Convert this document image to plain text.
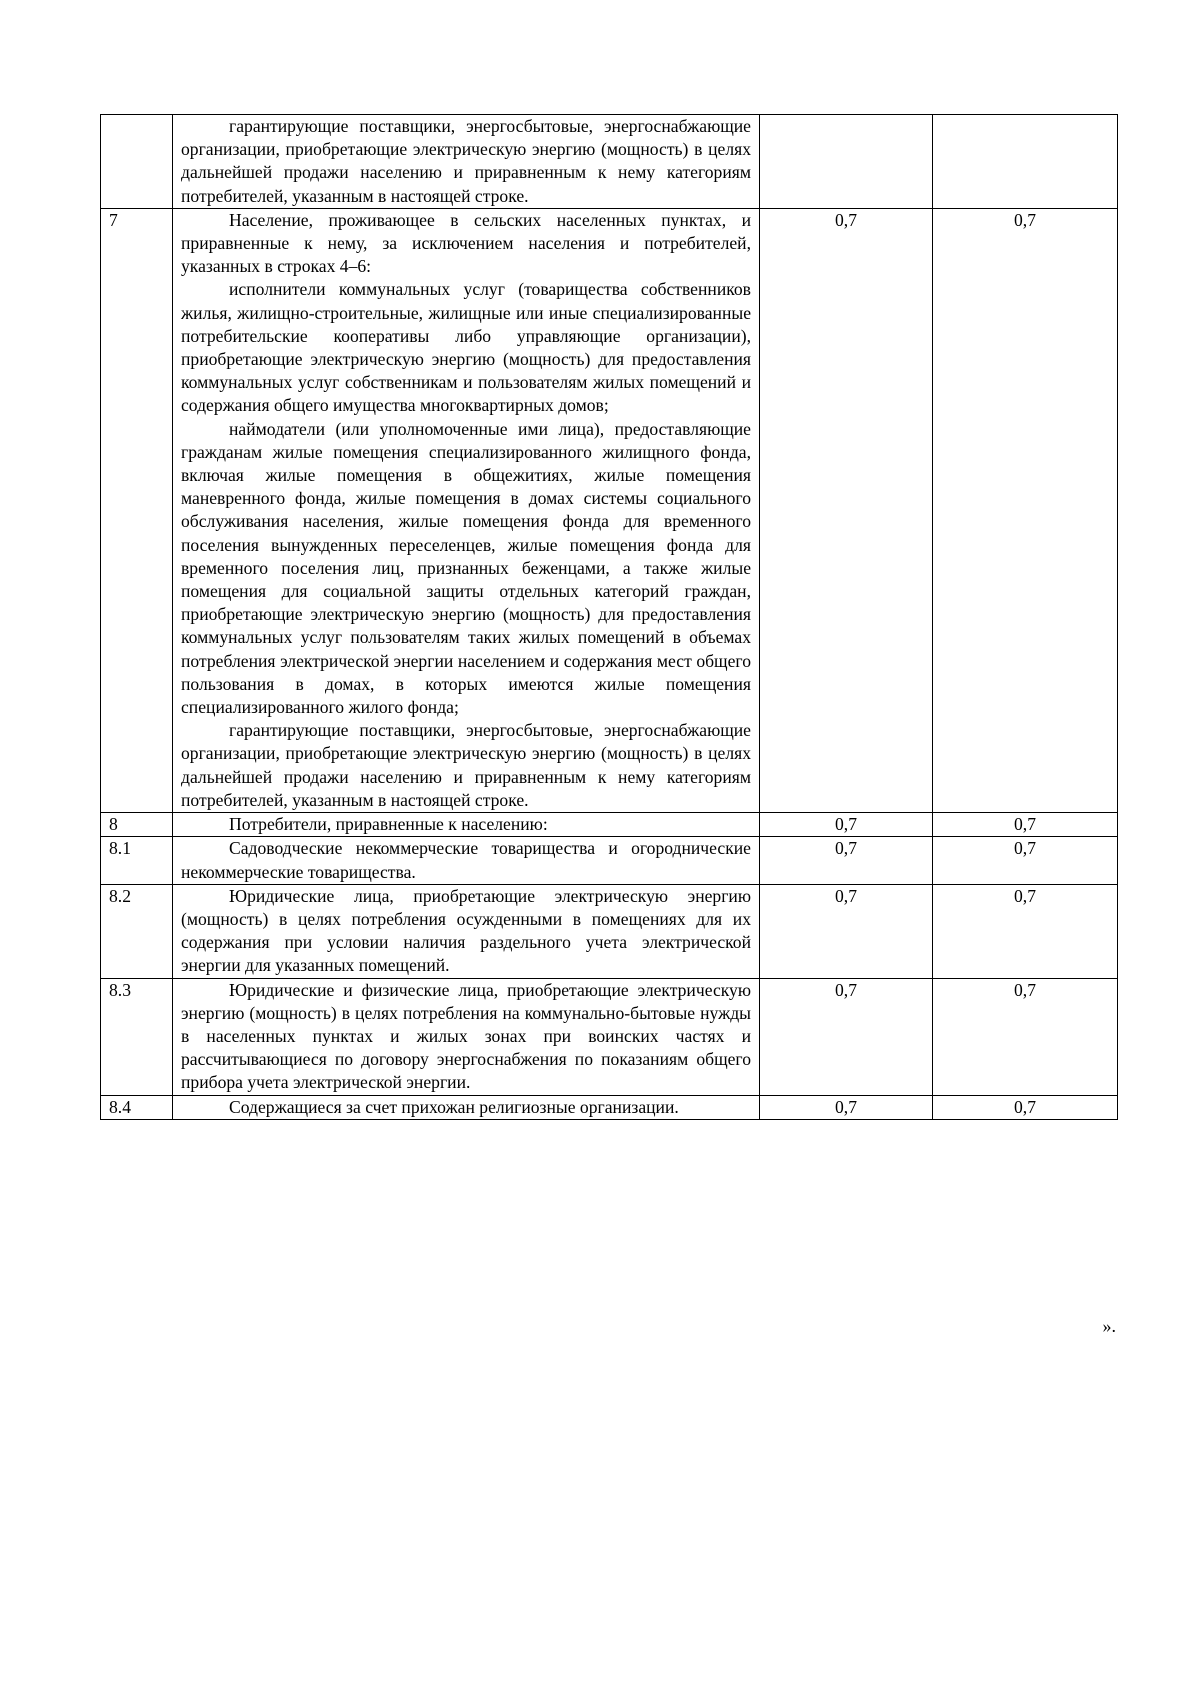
	гарантирующие поставщики, энергосбытовые, энергоснабжающие организации, приобретающие электрическую энергию (мощность) в целях дальнейшей продажи населению и приравненным к нему категориям потребителей, указанным в настоящей строке.		

7	Население, проживающее в сельских населенных пунктах, и приравненные к нему, за исключением населения и потребителей, указанных в строках 4–6:

исполнители коммунальных услуг (товарищества собственников жилья, жилищно-строительные, жилищные или иные специализированные потребительские кооперативы либо управляющие организации), приобретающие электрическую энергию (мощность) для предоставления коммунальных услуг собственникам и пользователям жилых помещений и содержания общего имущества многоквартирных домов;

наймодатели (или уполномоченные ими лица), предоставляющие гражданам жилые помещения специализированного жилищного фонда, включая жилые помещения в общежитиях, жилые помещения маневренного фонда, жилые помещения в домах системы социального обслуживания населения, жилые помещения фонда для временного поселения вынужденных переселенцев, жилые помещения фонда для временного поселения лиц, признанных беженцами, а также жилые помещения для социальной защиты отдельных категорий граждан, приобретающие электрическую энергию (мощность) для предоставления коммунальных услуг пользователям таких жилых помещений в объемах потребления электрической энергии населением и содержания мест общего пользования в домах, в которых имеются жилые помещения специализированного жилого фонда;

гарантирующие поставщики, энергосбытовые, энергоснабжающие организации, приобретающие электрическую энергию (мощность) в целях дальнейшей продажи населению и приравненным к нему категориям потребителей, указанным в настоящей строке.	0,7	0,7
8	Потребители, приравненные к населению:	0,7	0,7
8.1	Садоводческие некоммерческие товарищества и огороднические некоммерческие товарищества.	0,7	0,7
8.2	Юридические лица, приобретающие электрическую энергию (мощность) в целях потребления осужденными в помещениях для их содержания при условии наличия раздельного учета электрической энергии для указанных помещений.	0,7	0,7
8.3	Юридические и физические лица, приобретающие электрическую энергию (мощность) в целях потребления на коммунально-бытовые нужды в населенных пунктах и жилых зонах при воинских частях и рассчитывающиеся по договору энергоснабжения по показаниям общего прибора учета электрической энергии.	0,7	0,7
8.4	Содержащиеся за счет прихожан религиозные организации.	0,7	0,7
».
